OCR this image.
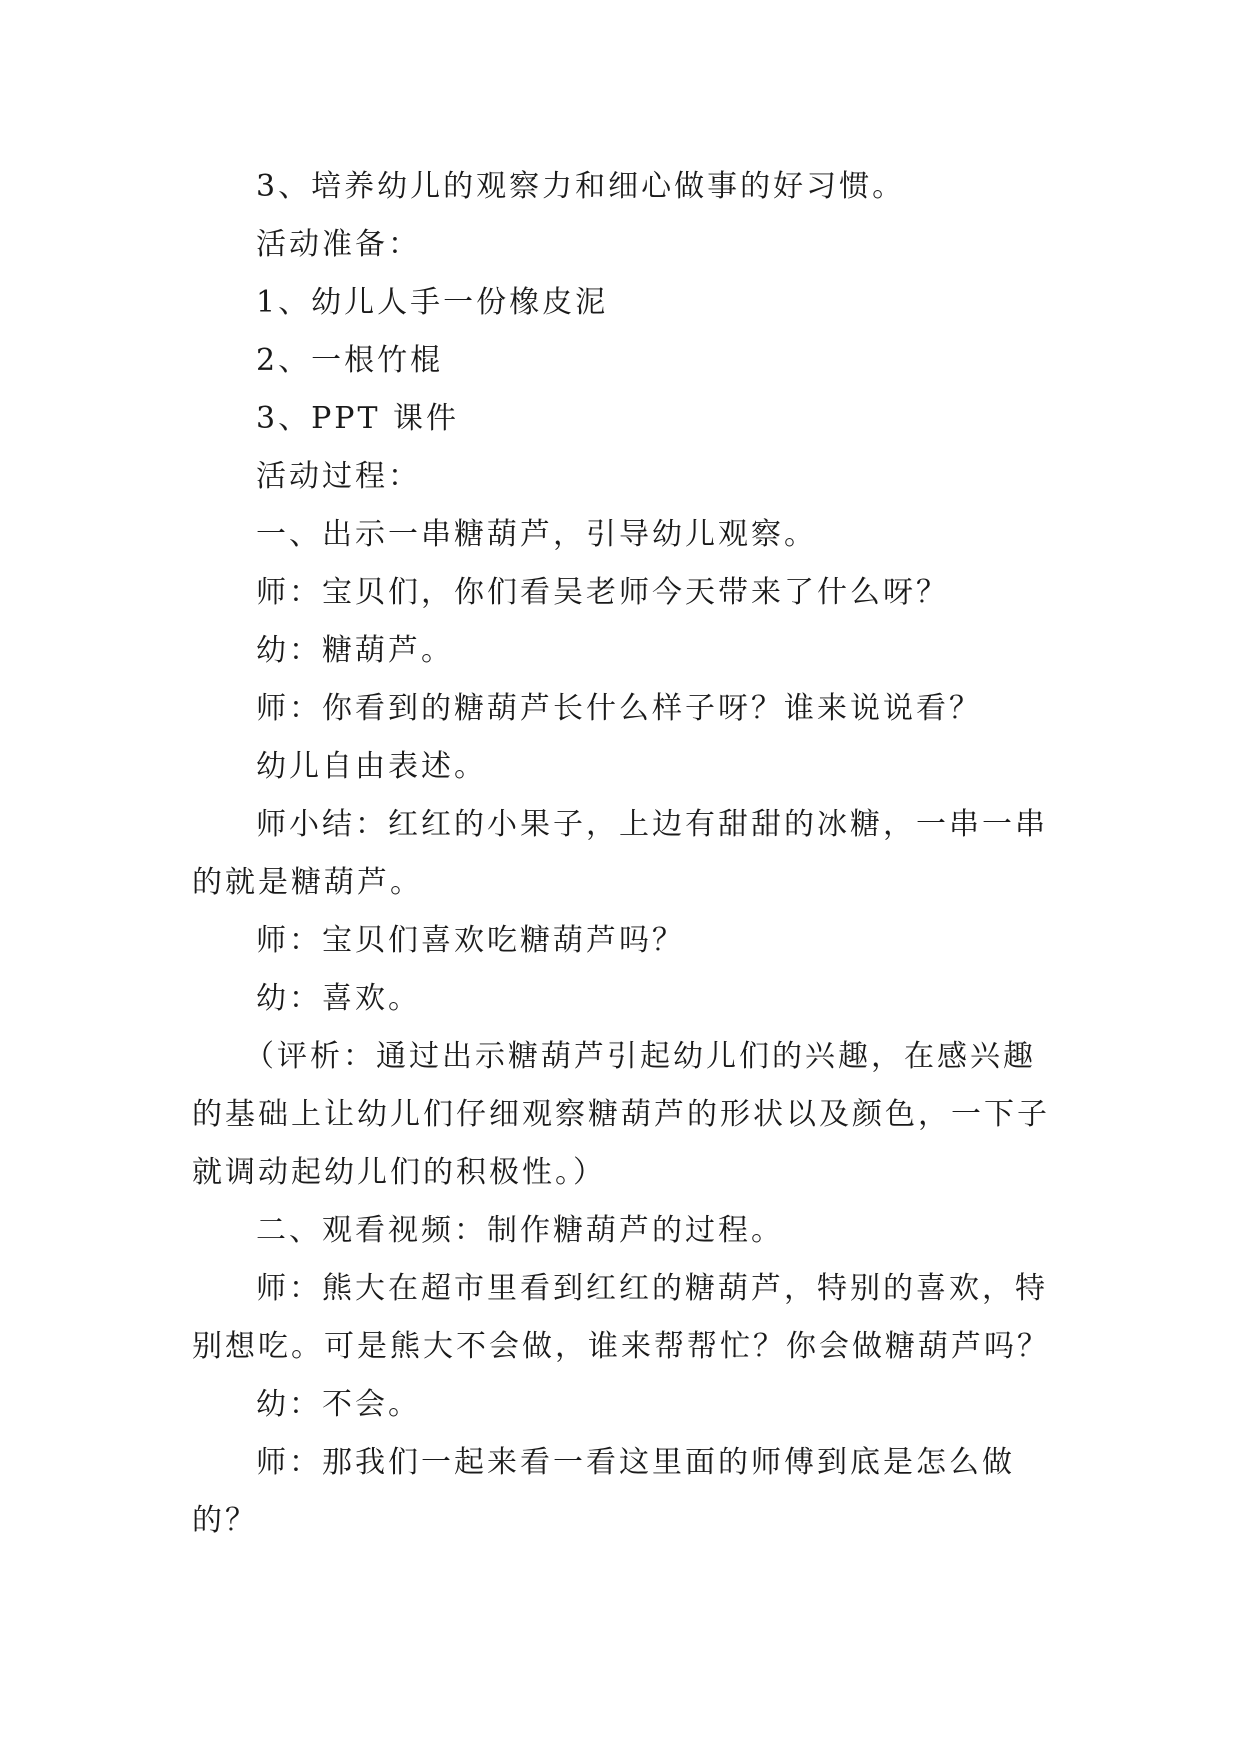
3、培养幼儿的观察力和细心做事的好习惯。

活动准备：

1、幼儿人手一份橡皮泥

2、一根竹棍

3、PPT 课件

活动过程：

一、出示一串糖葫芦，引导幼儿观察。

师：宝贝们，你们看吴老师今天带来了什么呀？

幼：糖葫芦。

师：你看到的糖葫芦长什么样子呀？谁来说说看？

幼儿自由表述。

师小结：红红的小果子，上边有甜甜的冰糖，一串一串的就是糖葫芦。

师：宝贝们喜欢吃糖葫芦吗？

幼：喜欢。

（评析：通过出示糖葫芦引起幼儿们的兴趣，在感兴趣的基础上让幼儿们仔细观察糖葫芦的形状以及颜色，一下子就调动起幼儿们的积极性。）

二、观看视频：制作糖葫芦的过程。

师：熊大在超市里看到红红的糖葫芦，特别的喜欢，特别想吃。可是熊大不会做，谁来帮帮忙？你会做糖葫芦吗？

幼：不会。

师：那我们一起来看一看这里面的师傅到底是怎么做的？
